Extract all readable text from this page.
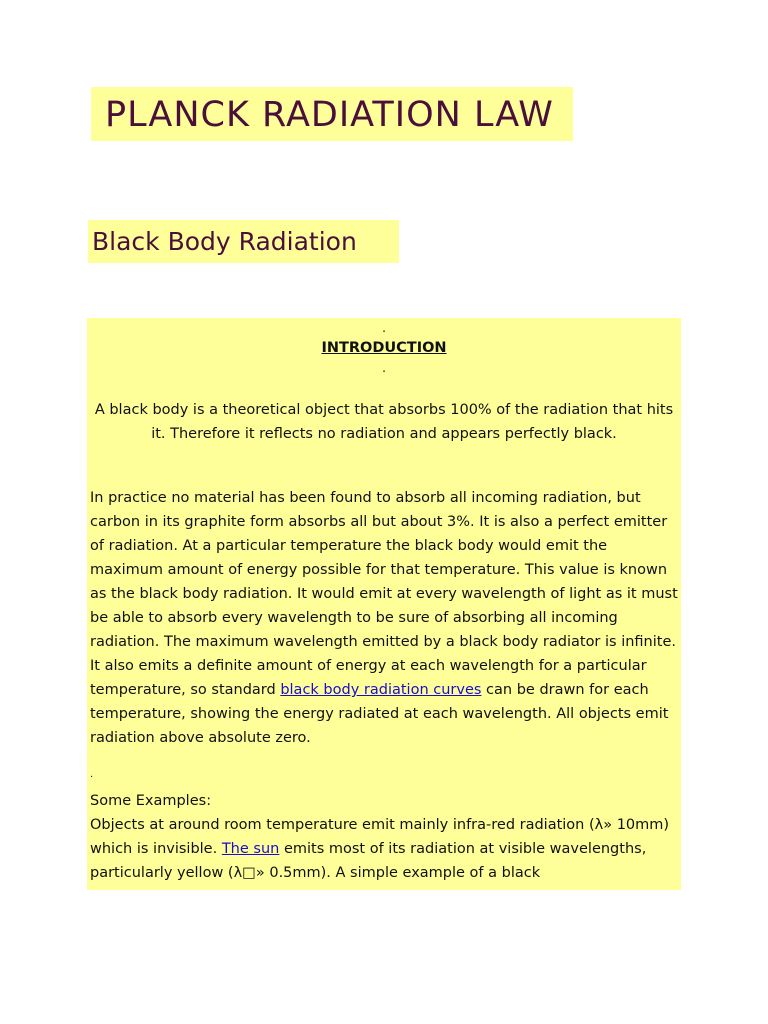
PLANCK RADIATION LAW
Black Body Radiation
.
INTRODUCTION
.

A black body is a theoretical object that absorbs 100% of the radiation that hits it. Therefore it reflects no radiation and appears perfectly black.

In practice no material has been found to absorb all incoming radiation, but carbon in its graphite form absorbs all but about 3%. It is also a perfect emitter of radiation. At a particular temperature the black body would emit the maximum amount of energy possible for that temperature. This value is known as the black body radiation. It would emit at every wavelength of light as it must be able to absorb every wavelength to be sure of absorbing all incoming radiation. The maximum wavelength emitted by a black body radiator is infinite. It also emits a definite amount of energy at each wavelength for a particular temperature, so standard black body radiation curves can be drawn for each temperature, showing the energy radiated at each wavelength. All objects emit radiation above absolute zero.

.

Some Examples:
Objects at around room temperature emit mainly infra-red radiation (λ» 10mm) which is invisible. The sun emits most of its radiation at visible wavelengths, particularly yellow (λ□» 0.5mm). A simple example of a black
